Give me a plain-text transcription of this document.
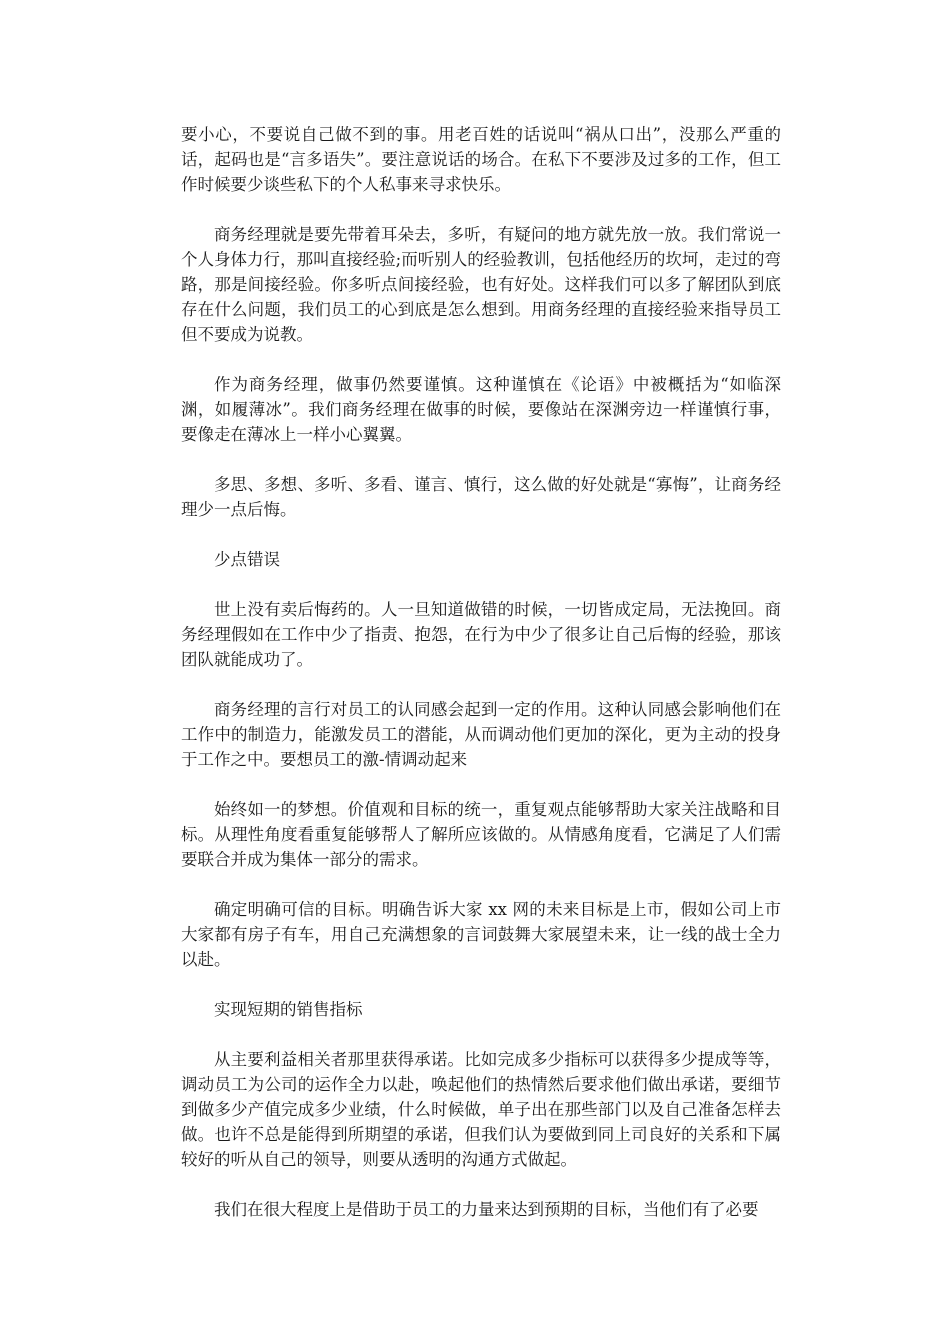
要小心，不要说自己做不到的事。用老百姓的话说叫“祸从口出”，没那么严重的话，起码也是“言多语失”。要注意说话的场合。在私下不要涉及过多的工作，但工作时候要少谈些私下的个人私事来寻求快乐。

商务经理就是要先带着耳朵去，多听，有疑问的地方就先放一放。我们常说一个人身体力行，那叫直接经验;而听别人的经验教训，包括他经历的坎坷，走过的弯路，那是间接经验。你多听点间接经验，也有好处。这样我们可以多了解团队到底存在什么问题，我们员工的心到底是怎么想到。用商务经理的直接经验来指导员工但不要成为说教。

作为商务经理，做事仍然要谨慎。这种谨慎在《论语》中被概括为“如临深渊，如履薄冰”。我们商务经理在做事的时候，要像站在深渊旁边一样谨慎行事，要像走在薄冰上一样小心翼翼。

多思、多想、多听、多看、谨言、慎行，这么做的好处就是“寡悔”，让商务经理少一点后悔。

少点错误

世上没有卖后悔药的。人一旦知道做错的时候，一切皆成定局，无法挽回。商务经理假如在工作中少了指责、抱怨，在行为中少了很多让自己后悔的经验，那该团队就能成功了。

商务经理的言行对员工的认同感会起到一定的作用。这种认同感会影响他们在工作中的制造力，能激发员工的潜能，从而调动他们更加的深化，更为主动的投身于工作之中。要想员工的激-情调动起来

始终如一的梦想。价值观和目标的统一，重复观点能够帮助大家关注战略和目标。从理性角度看重复能够帮人了解所应该做的。从情感角度看，它满足了人们需要联合并成为集体一部分的需求。

确定明确可信的目标。明确告诉大家 xx 网的未来目标是上市，假如公司上市大家都有房子有车，用自己充满想象的言词鼓舞大家展望未来，让一线的战士全力以赴。

实现短期的销售指标

从主要利益相关者那里获得承诺。比如完成多少指标可以获得多少提成等等，调动员工为公司的运作全力以赴，唤起他们的热情然后要求他们做出承诺，要细节到做多少产值完成多少业绩，什么时候做，单子出在那些部门以及自己准备怎样去做。也许不总是能得到所期望的承诺，但我们认为要做到同上司良好的关系和下属较好的听从自己的领导，则要从透明的沟通方式做起。

我们在很大程度上是借助于员工的力量来达到预期的目标，当他们有了必要
